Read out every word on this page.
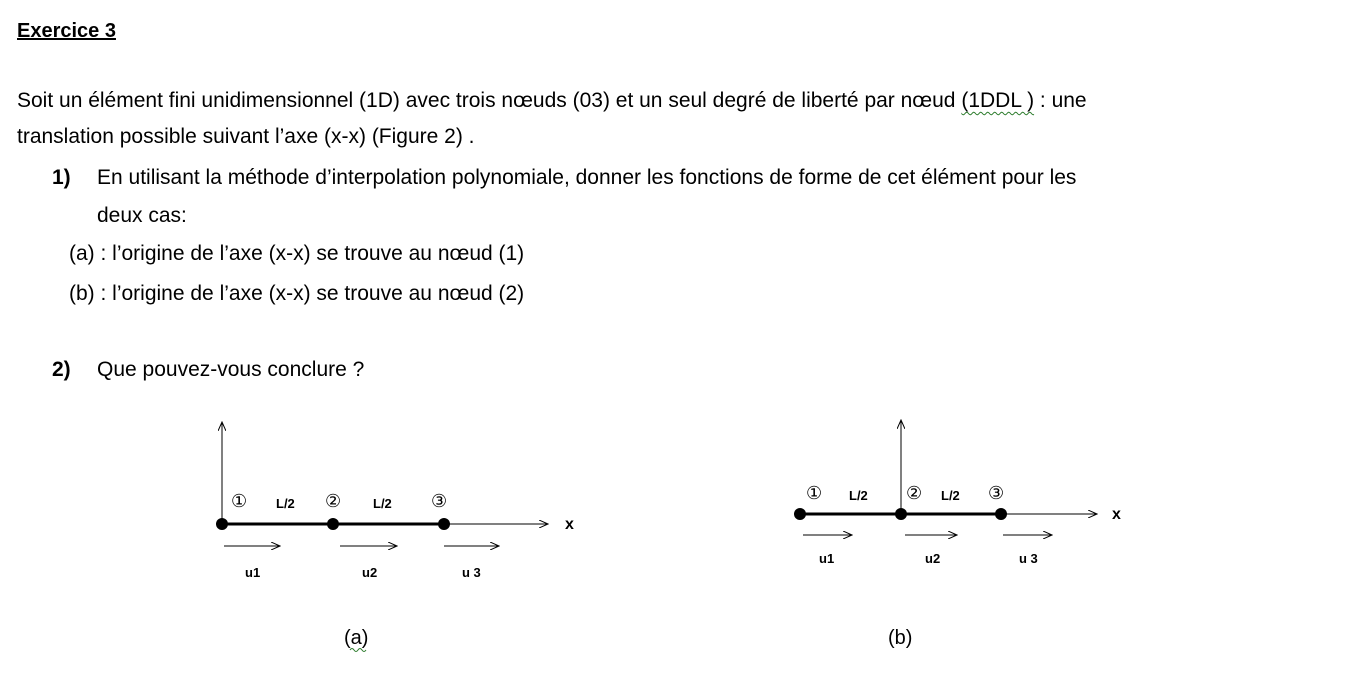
Exercice 3
Soit un élément fini unidimensionnel (1D) avec trois nœuds (03) et un seul degré de liberté par nœud (1DDL ) : une
translation possible suivant l’axe (x-x) (Figure 2) .
1) En utilisant la méthode d’interpolation polynomiale, donner les fonctions de forme de cet élément pour les
deux cas:
(a) : l’origine de l’axe (x-x) se trouve au nœud (1)
(b) : l’origine de l’axe (x-x) se trouve au nœud (2)
2) Que pouvez-vous conclure ?
①	②	③
L/2	L/2
x
u1	u2	u 3
(a)
①	②	③
L/2	L/2
x
u1	u2	u 3
(b)
